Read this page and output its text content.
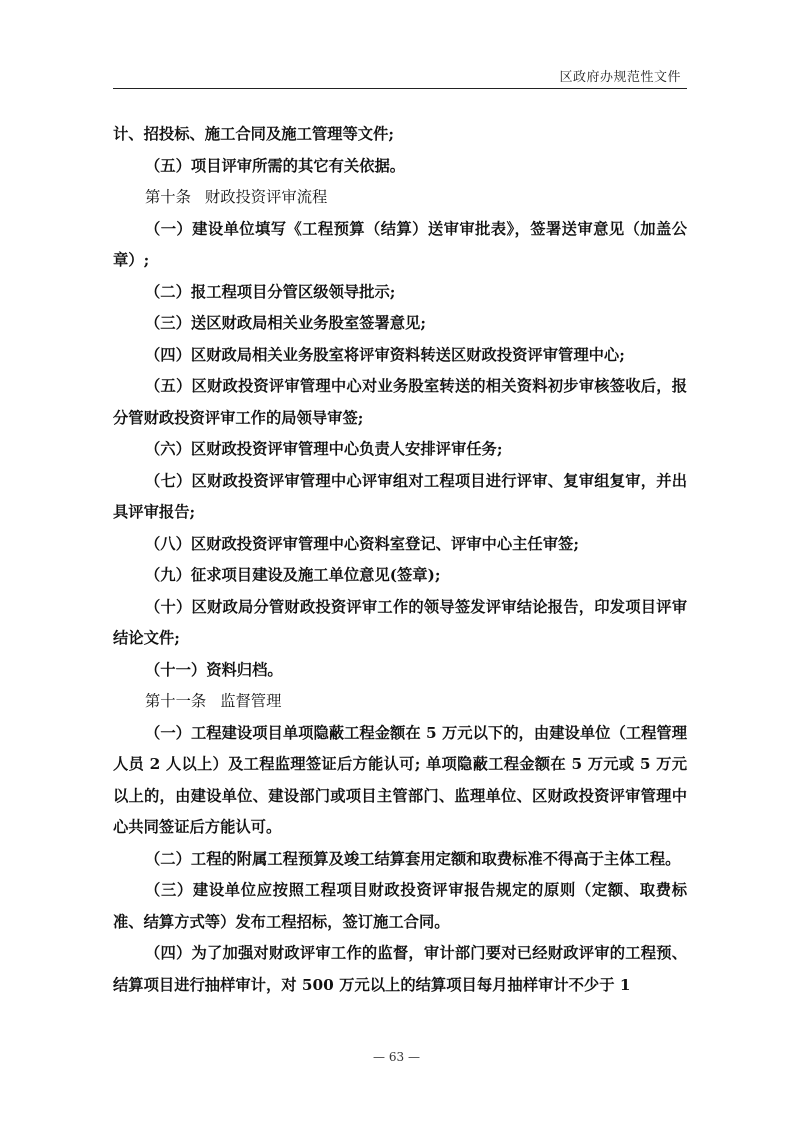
区政府办规范性文件

计、招投标、施工合同及施工管理等文件;

（五）项目评审所需的其它有关依据。

第十条 财政投资评审流程

（一）建设单位填写《工程预算（结算）送审审批表》，签署送审意见（加盖公章）;

（二）报工程项目分管区级领导批示;

（三）送区财政局相关业务股室签署意见;

（四）区财政局相关业务股室将评审资料转送区财政投资评审管理中心;

（五）区财政投资评审管理中心对业务股室转送的相关资料初步审核签收后，报分管财政投资评审工作的局领导审签;

（六）区财政投资评审管理中心负责人安排评审任务;

（七）区财政投资评审管理中心评审组对工程项目进行评审、复审组复审，并出具评审报告;

（八）区财政投资评审管理中心资料室登记、评审中心主任审签;

（九）征求项目建设及施工单位意见(签章);

（十）区财政局分管财政投资评审工作的领导签发评审结论报告，印发项目评审结论文件;

（十一）资料归档。

第十一条 监督管理

（一）工程建设项目单项隐蔽工程金额在 5 万元以下的，由建设单位（工程管理人员 2 人以上）及工程监理签证后方能认可; 单项隐蔽工程金额在 5 万元或 5 万元以上的，由建设单位、建设部门或项目主管部门、监理单位、区财政投资评审管理中心共同签证后方能认可。

（二）工程的附属工程预算及竣工结算套用定额和取费标准不得高于主体工程。

（三）建设单位应按照工程项目财政投资评审报告规定的原则（定额、取费标准、结算方式等）发布工程招标，签订施工合同。

（四）为了加强对财政评审工作的监督，审计部门要对已经财政评审的工程预、结算项目进行抽样审计，对 500 万元以上的结算项目每月抽样审计不少于 1

— 63 —
